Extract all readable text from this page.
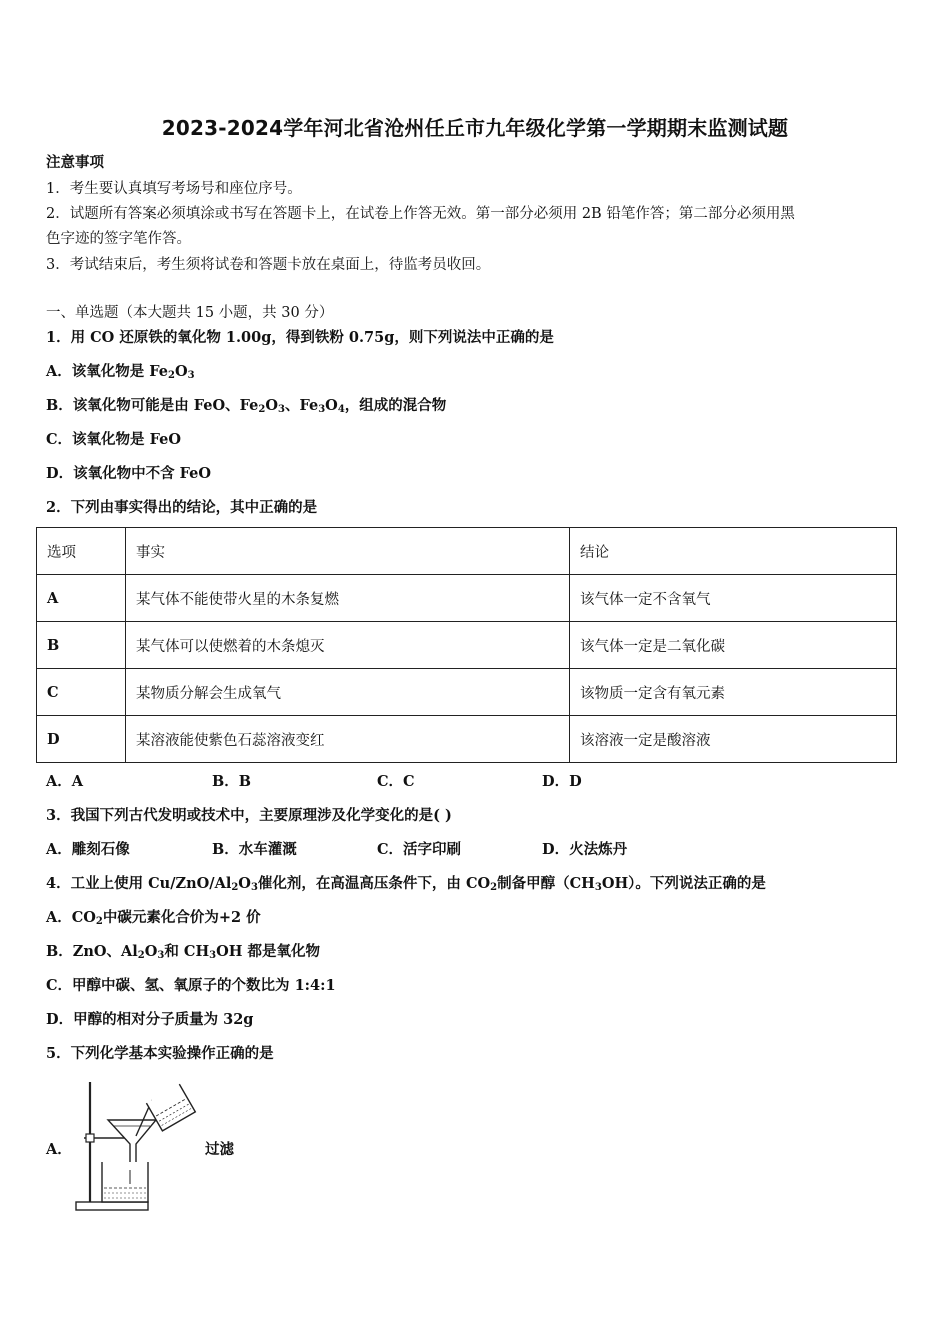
2023-2024学年河北省沧州任丘市九年级化学第一学期期末监测试题
注意事项
1．考生要认真填写考场号和座位序号。
2．试题所有答案必须填涂或书写在答题卡上，在试卷上作答无效。第一部分必须用 2B 铅笔作答；第二部分必须用黑
色字迹的签字笔作答。
3．考试结束后，考生须将试卷和答题卡放在桌面上，待监考员收回。
一、单选题（本大题共 15 小题，共 30 分）
1．用 CO 还原铁的氧化物 1.00g，得到铁粉 0.75g，则下列说法中正确的是
A．该氧化物是 $Fe_2O_3$
B．该氧化物可能是由 FeO、$Fe_2O_3$、$Fe_3O_4$，组成的混合物
C．该氧化物是 FeO
D．该氧化物中不含 FeO
2．下列由事实得出的结论，其中正确的是
选项	事实	结论
A	某气体不能使带火星的木条复燃	该气体一定不含氧气
B	某气体可以使燃着的木条熄灭	该气体一定是二氧化碳
C	某物质分解会生成氧气	该物质一定含有氧元素
D	某溶液能使紫色石蕊溶液变红	该溶液一定是酸溶液
A．A	B．B	C．C	D．D
3．我国下列古代发明或技术中，主要原理涉及化学变化的是( )
A．雕刻石像	B．水车灌溉	C．活字印刷	D．火法炼丹
4．工业上使用 $Cu/ZnO/Al_2O_3$催化剂，在高温高压条件下，由 $CO_2$制备甲醇$(CH_3OH)$。下列说法正确的是
A．$CO_2$中碳元素化合价为+2 价
B．ZnO、$Al_2O_3$和 $CH_3OH$ 都是氧化物
C．甲醇中碳、氢、氧原子的个数比为 1:4:1
D．甲醇的相对分子质量为 32g
5．下列化学基本实验操作正确的是
A．	过滤
